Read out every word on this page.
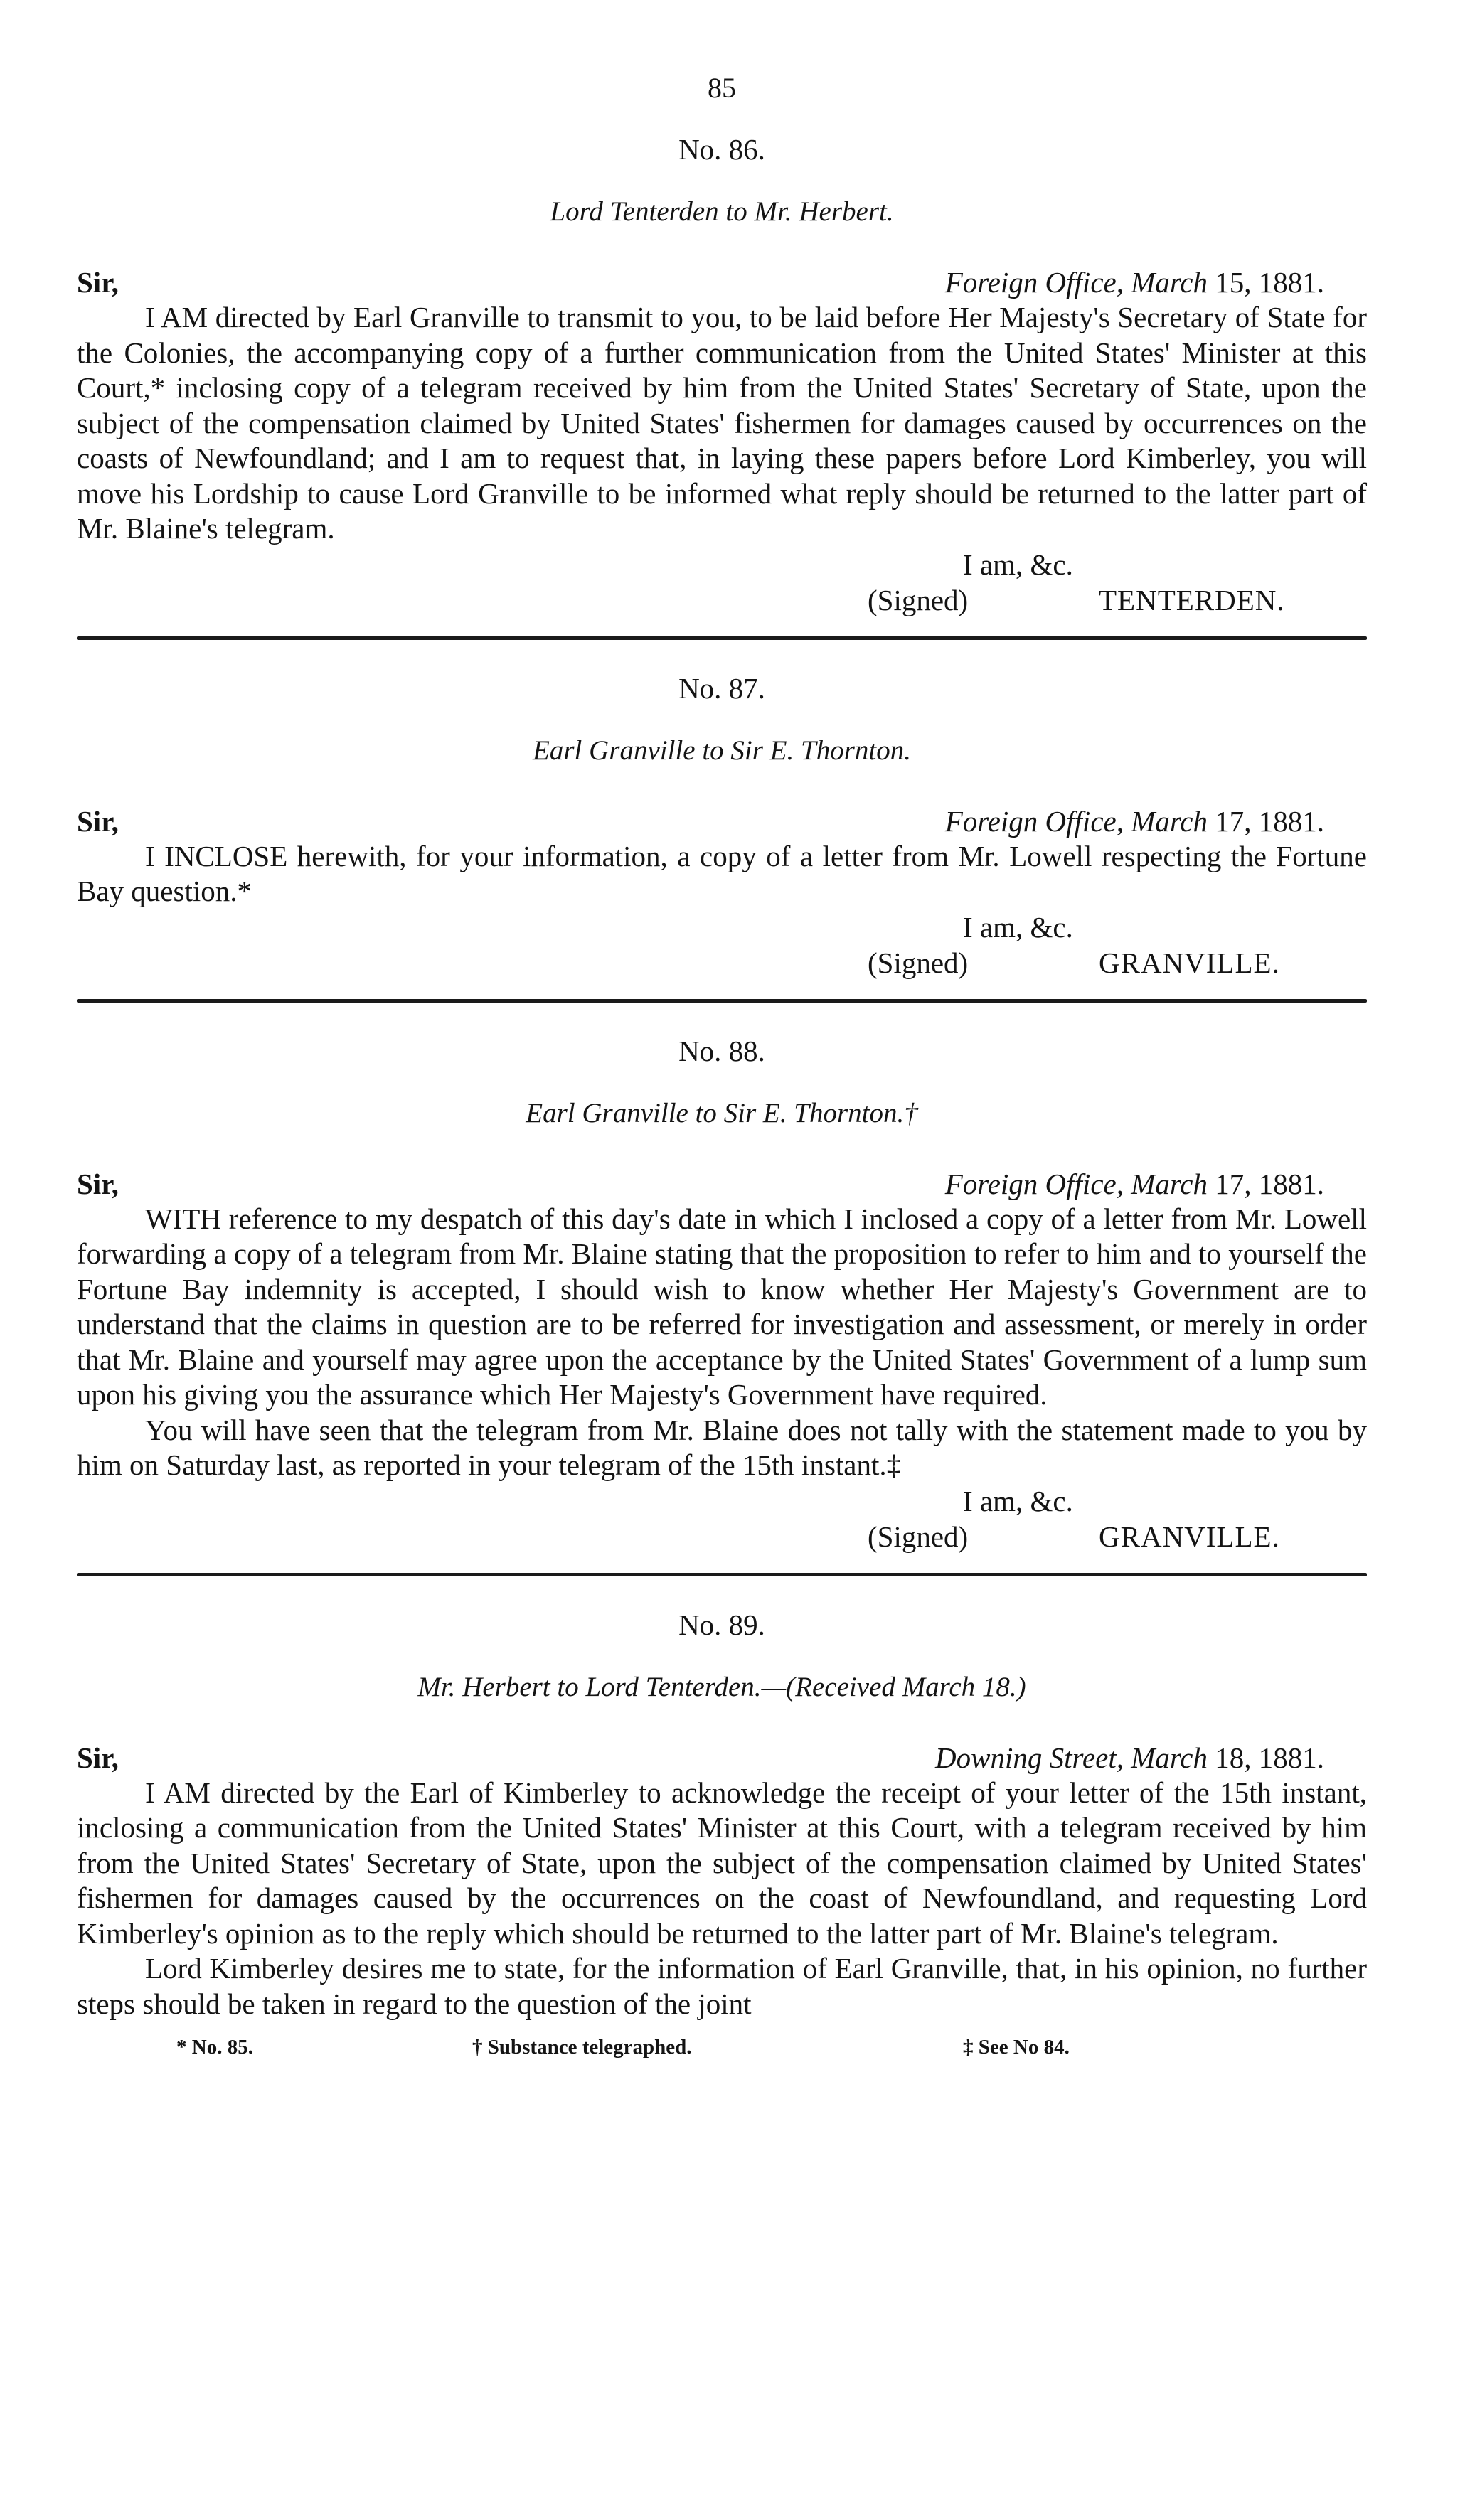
85
No. 86.
Lord Tenterden to Mr. Herbert.
Sir,	Foreign Office, March 15, 1881.

I AM directed by Earl Granville to transmit to you, to be laid before Her Majesty's Secretary of State for the Colonies, the accompanying copy of a further communication from the United States' Minister at this Court,* inclosing copy of a telegram received by him from the United States' Secretary of State, upon the subject of the compensation claimed by United States' fishermen for damages caused by occurrences on the coasts of Newfoundland; and I am to request that, in laying these papers before Lord Kimberley, you will move his Lordship to cause Lord Granville to be informed what reply should be returned to the latter part of Mr. Blaine's telegram.

I am, &c.
(Signed)	TENTERDEN.
No. 87.
Earl Granville to Sir E. Thornton.
Sir,	Foreign Office, March 17, 1881.

I INCLOSE herewith, for your information, a copy of a letter from Mr. Lowell respecting the Fortune Bay question.*

I am, &c.
(Signed)	GRANVILLE.
No. 88.
Earl Granville to Sir E. Thornton.†
Sir,	Foreign Office, March 17, 1881.

WITH reference to my despatch of this day's date in which I inclosed a copy of a letter from Mr. Lowell forwarding a copy of a telegram from Mr. Blaine stating that the proposition to refer to him and to yourself the Fortune Bay indemnity is accepted, I should wish to know whether Her Majesty's Government are to understand that the claims in question are to be referred for investigation and assessment, or merely in order that Mr. Blaine and yourself may agree upon the acceptance by the United States' Government of a lump sum upon his giving you the assurance which Her Majesty's Government have required.

You will have seen that the telegram from Mr. Blaine does not tally with the statement made to you by him on Saturday last, as reported in your telegram of the 15th instant.‡

I am, &c.
(Signed)	GRANVILLE.
No. 89.
Mr. Herbert to Lord Tenterden.—(Received March 18.)
Sir,	Downing Street, March 18, 1881.

I AM directed by the Earl of Kimberley to acknowledge the receipt of your letter of the 15th instant, inclosing a communication from the United States' Minister at this Court, with a telegram received by him from the United States' Secretary of State, upon the subject of the compensation claimed by United States' fishermen for damages caused by the occurrences on the coast of Newfoundland, and requesting Lord Kimberley's opinion as to the reply which should be returned to the latter part of Mr. Blaine's telegram.

Lord Kimberley desires me to state, for the information of Earl Granville, that, in his opinion, no further steps should be taken in regard to the question of the joint

* No. 85.	† Substance telegraphed.	‡ See No 84.
